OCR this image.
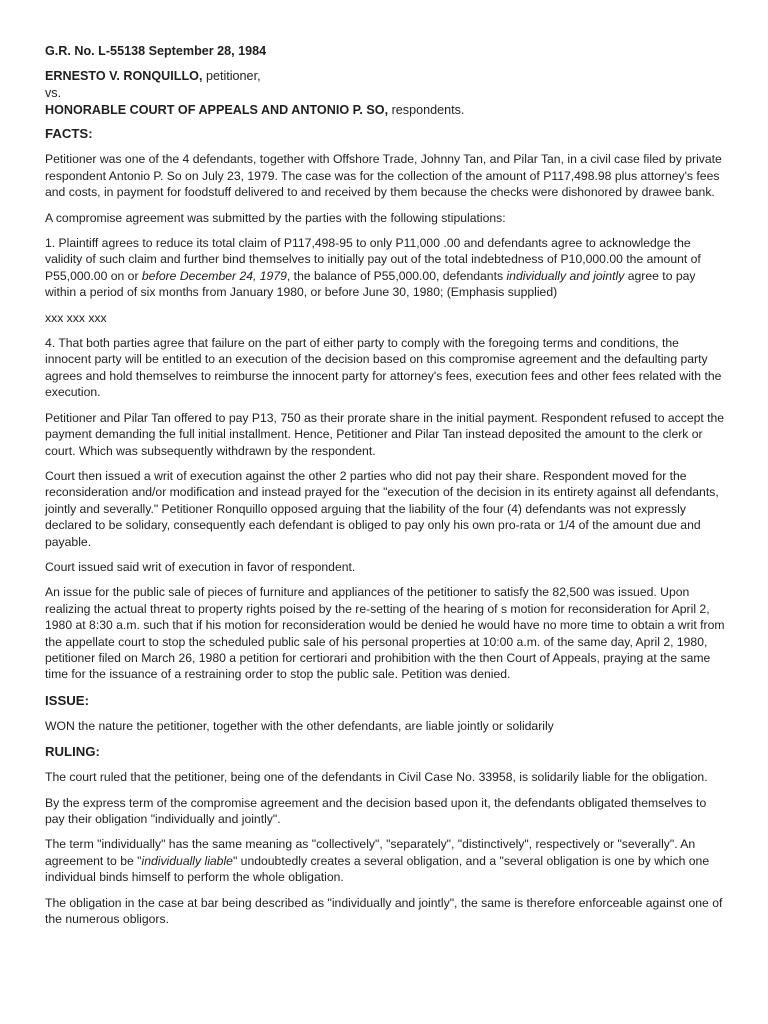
G.R. No. L-55138 September 28, 1984
ERNESTO V. RONQUILLO, petitioner,
vs.
HONORABLE COURT OF APPEALS AND ANTONIO P. SO, respondents.
FACTS:

Petitioner was one of the 4 defendants, together with Offshore Trade, Johnny Tan, and Pilar Tan, in a civil case filed by private respondent Antonio P. So on July 23, 1979. The case was for the collection of the amount of P117,498.98 plus attorney's fees and costs, in payment for foodstuff delivered to and received by them because the checks were dishonored by drawee bank.

A compromise agreement was submitted by the parties with the following stipulations:

1. Plaintiff agrees to reduce its total claim of P117,498-95 to only P11,000 .00 and defendants agree to acknowledge the validity of such claim and further bind themselves to initially pay out of the total indebtedness of P10,000.00 the amount of P55,000.00 on or before December 24, 1979, the balance of P55,000.00, defendants individually and jointly agree to pay within a period of six months from January 1980, or before June 30, 1980; (Emphasis supplied)

xxx xxx xxx

4. That both parties agree that failure on the part of either party to comply with the foregoing terms and conditions, the innocent party will be entitled to an execution of the decision based on this compromise agreement and the defaulting party agrees and hold themselves to reimburse the innocent party for attorney's fees, execution fees and other fees related with the execution.

Petitioner and Pilar Tan offered to pay P13, 750 as their prorate share in the initial payment. Respondent refused to accept the payment demanding the full initial installment. Hence, Petitioner and Pilar Tan instead deposited the amount to the clerk or court. Which was subsequently withdrawn by the respondent.

Court then issued a writ of execution against the other 2 parties who did not pay their share. Respondent moved for the reconsideration and/or modification and instead prayed for the "execution of the decision in its entirety against all defendants, jointly and severally." Petitioner Ronquillo opposed arguing that the liability of the four (4) defendants was not expressly declared to be solidary, consequently each defendant is obliged to pay only his own pro-rata or 1/4 of the amount due and payable.

Court issued said writ of execution in favor of respondent.

An issue for the public sale of pieces of furniture and appliances of the petitioner to satisfy the 82,500 was issued. Upon realizing the actual threat to property rights poised by the re-setting of the hearing of s motion for reconsideration for April 2, 1980 at 8:30 a.m. such that if his motion for reconsideration would be denied he would have no more time to obtain a writ from the appellate court to stop the scheduled public sale of his personal properties at 10:00 a.m. of the same day, April 2, 1980, petitioner filed on March 26, 1980 a petition for certiorari and prohibition with the then Court of Appeals, praying at the same time for the issuance of a restraining order to stop the public sale. Petition was denied.

ISSUE:

WON the nature the petitioner, together with the other defendants, are liable jointly or solidarily

RULING:

The court ruled that the petitioner, being one of the defendants in Civil Case No. 33958, is solidarily liable for the obligation.

By the express term of the compromise agreement and the decision based upon it, the defendants obligated themselves to pay their obligation "individually and jointly".

The term "individually" has the same meaning as "collectively", "separately", "distinctively", respectively or "severally". An agreement to be "individually liable" undoubtedly creates a several obligation, and a "several obligation is one by which one individual binds himself to perform the whole obligation.

The obligation in the case at bar being described as "individually and jointly", the same is therefore enforceable against one of the numerous obligors.
